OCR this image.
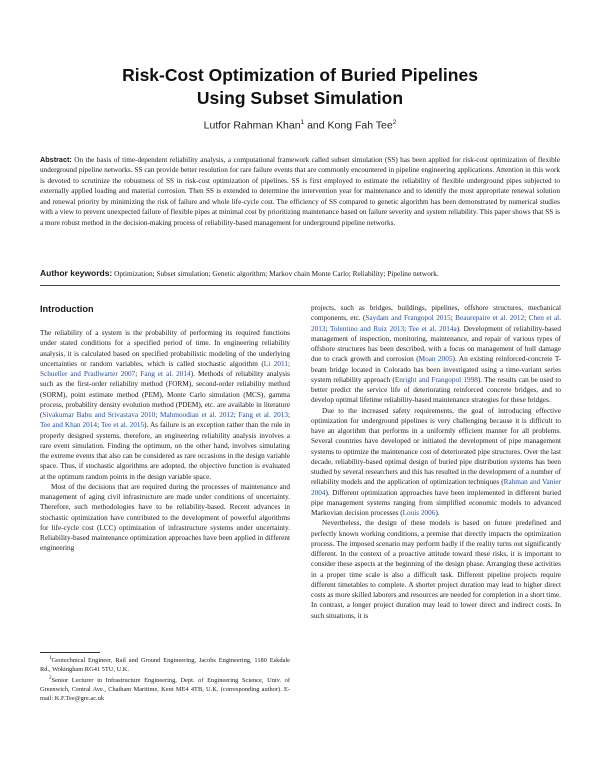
Risk-Cost Optimization of Buried Pipelines
Using Subset Simulation
Lutfor Rahman Khan$^1$ and Kong Fah Tee$^2$
Abstract: On the basis of time-dependent reliability analysis, a computational framework called subset simulation (SS) has been applied for risk-cost optimization of flexible underground pipeline networks. SS can provide better resolution for rare failure events that are commonly encountered in pipeline engineering applications. Attention in this work is devoted to scrutinize the robustness of SS in risk-cost optimization of pipelines. SS is first employed to estimate the reliability of flexible underground pipes subjected to externally applied loading and material corrosion. Then SS is extended to determine the intervention year for maintenance and to identify the most appropriate renewal solution and renewal priority by minimizing the risk of failure and whole life-cycle cost. The efficiency of SS compared to genetic algorithm has been demonstrated by numerical studies with a view to prevent unexpected failure of flexible pipes at minimal cost by prioritizing maintenance based on failure severity and system reliability. This paper shows that SS is a more robust method in the decision-making process of reliability-based management for underground pipeline networks.
Author keywords: Optimization; Subset simulation; Genetic algorithm; Markov chain Monte Carlo; Reliability; Pipeline network.
Introduction

The reliability of a system is the probability of performing its required functions under stated conditions for a specified period of time. In engineering reliability analysis, it is calculated based on specified probabilistic modeling of the underlying uncertainties or random variables, which is called stochastic algorithm (Li 2011; Schueller and Pradlwarter 2007; Fang et al. 2014). Methods of reliability analysis such as the first-order reliability method (FORM), second-order reliability method (SORM), point estimate method (PEM), Monte Carlo simulation (MCS), gamma process, probability density evolution method (PDEM), etc. are available in literature (Sivakumar Babu and Srivastava 2010; Mahmoodian et al. 2012; Fang et al. 2013; Tee and Khan 2014; Tee et al. 2015). As failure is an exception rather than the rule in properly designed systems, therefore, an engineering reliability analysis involves a rare event simulation. Finding the optimum, on the other hand, involves simulating the extreme events that also can be considered as rare occasions in the design variable space. Thus, if stochastic algorithms are adopted, the objective function is evaluated at the optimum random points in the design variable space.

Most of the decisions that are required during the processes of maintenance and management of aging civil infrastructure are made under conditions of uncertainty. Therefore, such methodologies have to be reliability-based. Recent advances in stochastic optimization have contributed to the development of powerful algorithms for life-cycle cost (LCC) optimization of infrastructure systems under uncertainty. Reliability-based maintenance optimization approaches have been applied in different engineering

$^1$Geotechnical Engineer, Rail and Ground Engineering, Jacobs Engineering, 1180 Eskdale Rd., Wokingham RG41 5TU, U.K.

$^2$Senior Lecturer in Infrastructure Engineering, Dept. of Engineering Science, Univ. of Greenwich, Central Ave., Chatham Maritime, Kent ME4 4TB, U.K. (corresponding author). E-mail: K.F.Tee@gre.ac.uk

projects, such as bridges, buildings, pipelines, offshore structures, mechanical components, etc. (Saydam and Frangopol 2015; Beaurepaire et al. 2012; Chen et al. 2013; Tolentino and Ruiz 2013; Tee et al. 2014a). Development of reliability-based management of inspection, monitoring, maintenance, and repair of various types of offshore structures has been described, with a focus on management of hull damage due to crack growth and corrosion (Moan 2005). An existing reinforced-concrete T-beam bridge located in Colorado has been investigated using a time-variant series system reliability approach (Enright and Frangopol 1998). The results can be used to better predict the service life of deteriorating reinforced concrete bridges, and to develop optimal lifetime reliability-based maintenance strategies for these bridges.

Due to the increased safety requirements, the goal of introducing effective optimization for underground pipelines is very challenging because it is difficult to have an algorithm that performs in a uniformly efficient manner for all problems. Several countries have developed or initiated the development of pipe management systems to optimize the maintenance cost of deteriorated pipe structures. Over the last decade, reliability-based optimal design of buried pipe distribution systems has been studied by several researchers and this has resulted in the development of a number of reliability models and the application of optimization techniques (Rahman and Vanier 2004). Different optimization approaches have been implemented in different buried pipe management systems ranging from simplified economic models to advanced Markovian decision processes (Louis 2006).

Nevertheless, the design of these models is based on future predefined and perfectly known working conditions, a premise that directly impacts the optimization process. The imposed scenario may perform badly if the reality turns out significantly different. In the context of a proactive attitude toward these risks, it is important to consider these aspects at the beginning of the design phase. Arranging these activities in a proper time scale is also a difficult task. Different pipeline projects require different timetables to complete. A shorter project duration may lead to higher direct costs as more skilled laborers and resources are needed for completion in a short time. In contrast, a longer project duration may lead to lower direct and indirect costs. In such situations, it is
